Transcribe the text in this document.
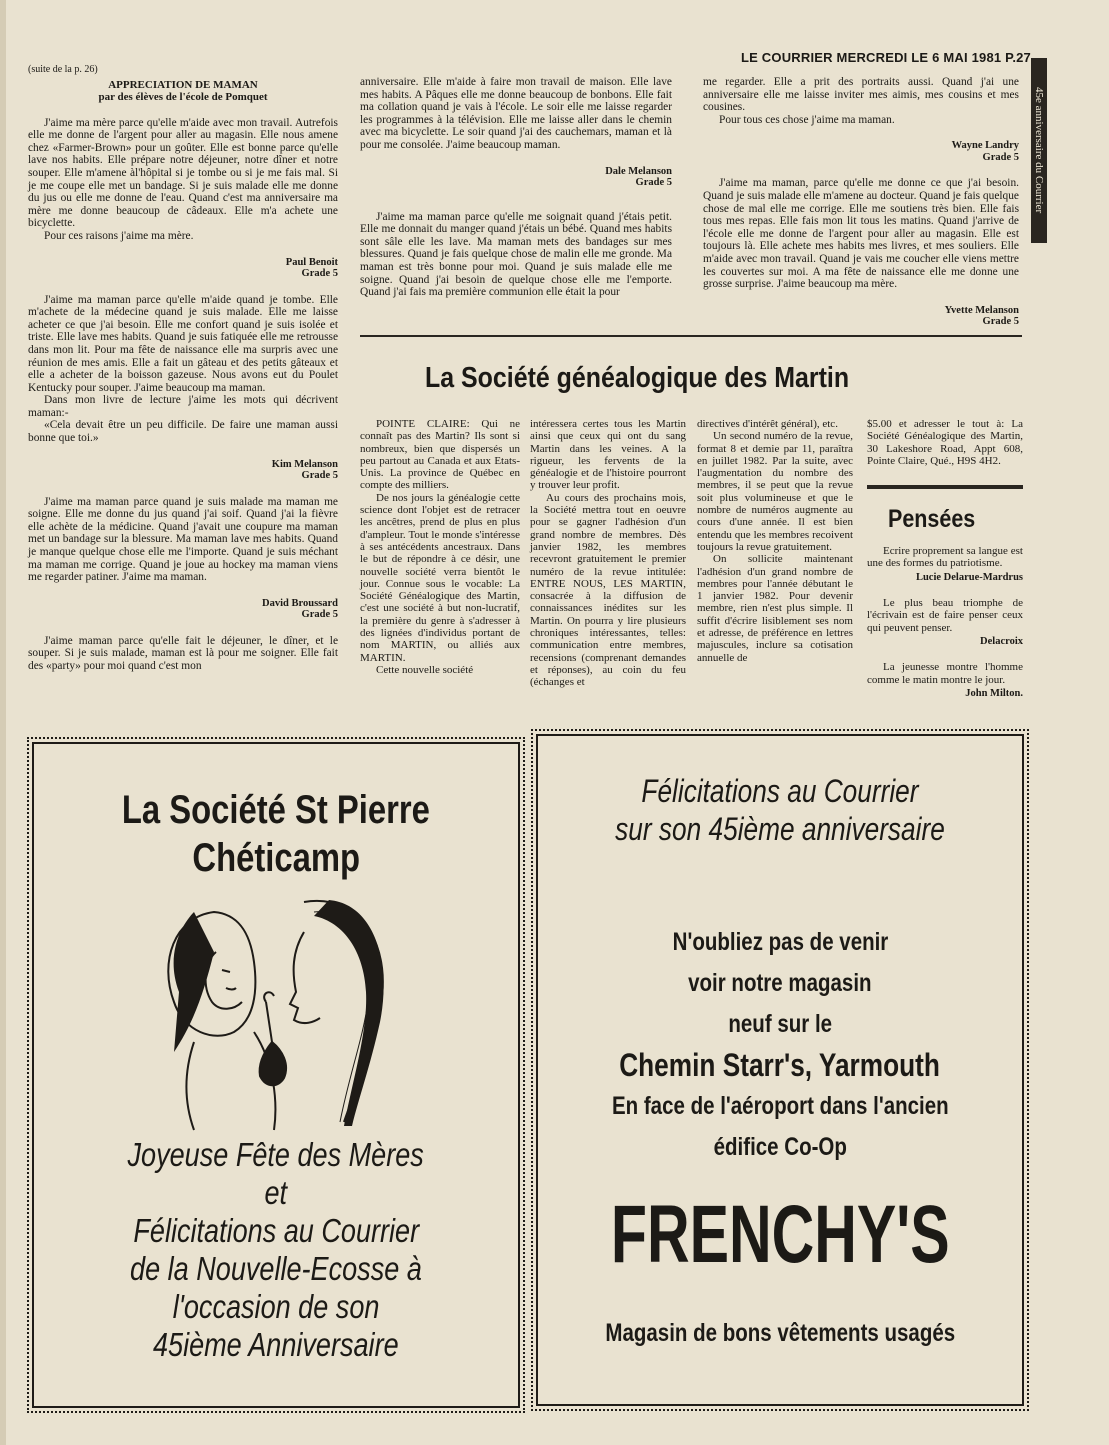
LE COURRIER MERCREDI LE 6 MAI 1981 P.27
45e anniversaire du Courrier
(suite de la p. 26)
APPRECIATION DE MAMAN
par des élèves de l'école de Pomquet

J'aime ma mère parce qu'elle m'aide avec mon travail. Autrefois elle me donne de l'argent pour aller au magasin. Elle nous amene chez «Farmer-Brown» pour un goûter. Elle est bonne parce qu'elle lave nos habits. Elle prépare notre déjeuner, notre dîner et notre souper. Elle m'amene àl'hôpital si je tombe ou si je me fais mal. Si je me coupe elle met un bandage. Si je suis malade elle me donne du jus ou elle me donne de l'eau. Quand c'est ma anniversaire ma mère me donne beaucoup de câdeaux. Elle m'a achete une bicyclette.

Pour ces raisons j'aime ma mère.

Paul Benoit
Grade 5

J'aime ma maman parce qu'elle m'aide quand je tombe. Elle m'achete de la médecine quand je suis malade. Elle me laisse acheter ce que j'ai besoin. Elle me confort quand je suis isolée et triste. Elle lave mes habits. Quand je suis fatiquée elle me retrousse dans mon lit. Pour ma fête de naissance elle ma surpris avec une réunion de mes amis. Elle a fait un gâteau et des petits gâteaux et elle a acheter de la boisson gazeuse. Nous avons eut du Poulet Kentucky pour souper. J'aime beaucoup ma maman.

Dans mon livre de lecture j'aime les mots qui décrivent maman:-

«Cela devait être un peu difficile. De faire une maman aussi bonne que toi.»

Kim Melanson
Grade 5

J'aime ma maman parce quand je suis malade ma maman me soigne. Elle me donne du jus quand j'ai soif. Quand j'ai la fièvre elle achète de la médicine. Quand j'avait une coupure ma maman met un bandage sur la blessure. Ma maman lave mes habits. Quand je manque quelque chose elle me l'importe. Quand je suis méchant ma maman me corrige. Quand je joue au hockey ma maman viens me regarder patiner. J'aime ma maman.

David Broussard
Grade 5

J'aime maman parce qu'elle fait le déjeuner, le dîner, et le souper. Si je suis malade, maman est là pour me soigner. Elle fait des «party» pour moi quand c'est mon

anniversaire. Elle m'aide à faire mon travail de maison. Elle lave mes habits. A Pâques elle me donne beaucoup de bonbons. Elle fait ma collation quand je vais à l'école. Le soir elle me laisse regarder les programmes à la télévision. Elle me laisse aller dans le chemin avec ma bicyclette. Le soir quand j'ai des cauchemars, maman et là pour me consolée. J'aime beaucoup maman.

Dale Melanson
Grade 5

J'aime ma maman parce qu'elle me soignait quand j'étais petit. Elle me donnait du manger quand j'étais un bébé. Quand mes habits sont sâle elle les lave. Ma maman mets des bandages sur mes blessures. Quand je fais quelque chose de malin elle me gronde. Ma maman est très bonne pour moi. Quand je suis malade elle me soigne. Quand j'ai besoin de quelque chose elle me l'emporte. Quand j'ai fais ma première communion elle était la pour

me regarder. Elle a prit des portraits aussi. Quand j'ai une anniversaire elle me laisse inviter mes aimis, mes cousins et mes cousines.

Pour tous ces chose j'aime ma maman.

Wayne Landry
Grade 5

J'aime ma maman, parce qu'elle me donne ce que j'ai besoin. Quand je suis malade elle m'amene au docteur. Quand je fais quelque chose de mal elle me corrige. Elle me soutiens très bien. Elle fais tous mes repas. Elle fais mon lit tous les matins. Quand j'arrive de l'école elle me donne de l'argent pour aller au magasin. Elle est toujours là. Elle achete mes habits mes livres, et mes souliers. Elle m'aide avec mon travail. Quand je vais me coucher elle viens mettre les couvertes sur moi. A ma fête de naissance elle me donne une grosse surprise. J'aime beaucoup ma mère.

Yvette Melanson
Grade 5
La Société généalogique des Martin

POINTE CLAIRE: Qui ne connaît pas des Martin? Ils sont si nombreux, bien que dispersés un peu partout au Canada et aux Etats-Unis. La province de Québec en compte des milliers.

De nos jours la généalogie cette science dont l'objet est de retracer les ancêtres, prend de plus en plus d'ampleur. Tout le monde s'intéresse à ses antécédents ancestraux. Dans le but de répondre à ce désir, une nouvelle société verra bientôt le jour. Connue sous le vocable: La Société Généalogique des Martin, c'est une société à but non-lucratif, la première du genre à s'adresser à des lignées d'individus portant de nom MARTIN, ou alliés aux MARTIN.

Cette nouvelle société

intéressera certes tous les Martin ainsi que ceux qui ont du sang Martin dans les veines. A la rigueur, les fervents de la généalogie et de l'histoire pourront y trouver leur profit.

Au cours des prochains mois, la Société mettra tout en oeuvre pour se gagner l'adhésion d'un grand nombre de membres. Dès janvier 1982, les membres recevront gratuitement le premier numéro de la revue intitulée: ENTRE NOUS, LES MARTIN, consacrée à la diffusion de connaissances inédites sur les Martin. On pourra y lire plusieurs chroniques intéressantes, telles: communication entre membres, recensions (comprenant demandes et réponses), au coin du feu (échanges et

directives d'intérêt général), etc.

Un second numéro de la revue, format 8 et demie par 11, paraîtra en juillet 1982. Par la suite, avec l'augmentation du nombre des membres, il se peut que la revue soit plus volumineuse et que le nombre de numéros augmente au cours d'une année. Il est bien entendu que les membres recoivent toujours la revue gratuitement.

On sollicite maintenant l'adhésion d'un grand nombre de membres pour l'année débutant le 1 janvier 1982. Pour devenir membre, rien n'est plus simple. Il suffit d'écrire lisiblement ses nom et adresse, de préférence en lettres majuscules, inclure sa cotisation annuelle de

$5.00 et adresser le tout à: La Société Généalogique des Martin, 30 Lakeshore Road, Appt 608, Pointe Claire, Qué., H9S 4H2.

Pensées

Ecrire proprement sa langue est une des formes du patriotisme.

Lucie Delarue-Mardrus

Le plus beau triomphe de l'écrivain est de faire penser ceux qui peuvent penser.

Delacroix

La jeunesse montre l'homme comme le matin montre le jour.

John Milton.
La Société St Pierre
Chéticamp
Joyeuse Fête des Mères
et
Félicitations au Courrier
de la Nouvelle-Ecosse à
l'occasion de son
45ième Anniversaire
Félicitations au Courrier
sur son 45ième anniversaire
N'oubliez pas de venir
voir notre magasin
neuf sur le
Chemin Starr's, Yarmouth
En face de l'aéroport dans l'ancien
édifice Co-Op
FRENCHY'S
Magasin de bons vêtements usagés
